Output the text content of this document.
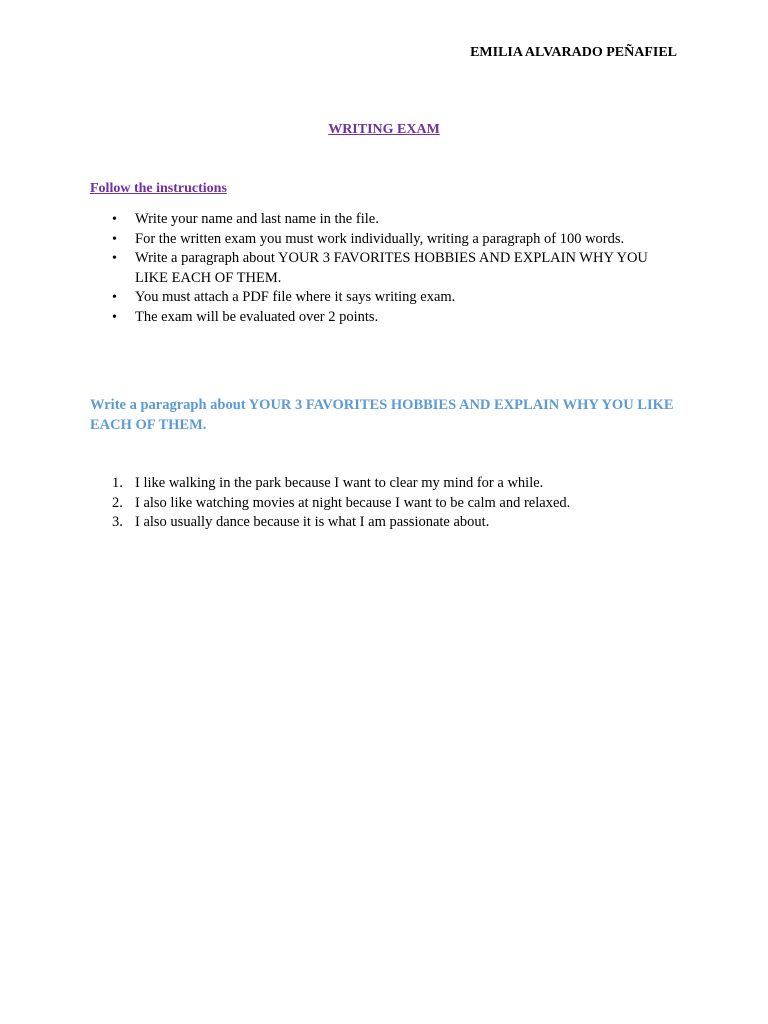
EMILIA ALVARADO PEÑAFIEL
WRITING EXAM
Follow the instructions
• Write your name and last name in the file.
• For the written exam you must work individually, writing a paragraph of 100 words.
• Write a paragraph about YOUR 3 FAVORITES HOBBIES AND EXPLAIN WHY YOU LIKE EACH OF THEM.
• You must attach a PDF file where it says writing exam.
• The exam will be evaluated over 2 points.
Write a paragraph about YOUR 3 FAVORITES HOBBIES AND EXPLAIN WHY YOU LIKE EACH OF THEM.
1. I like walking in the park because I want to clear my mind for a while.
2. I also like watching movies at night because I want to be calm and relaxed.
3. I also usually dance because it is what I am passionate about.
